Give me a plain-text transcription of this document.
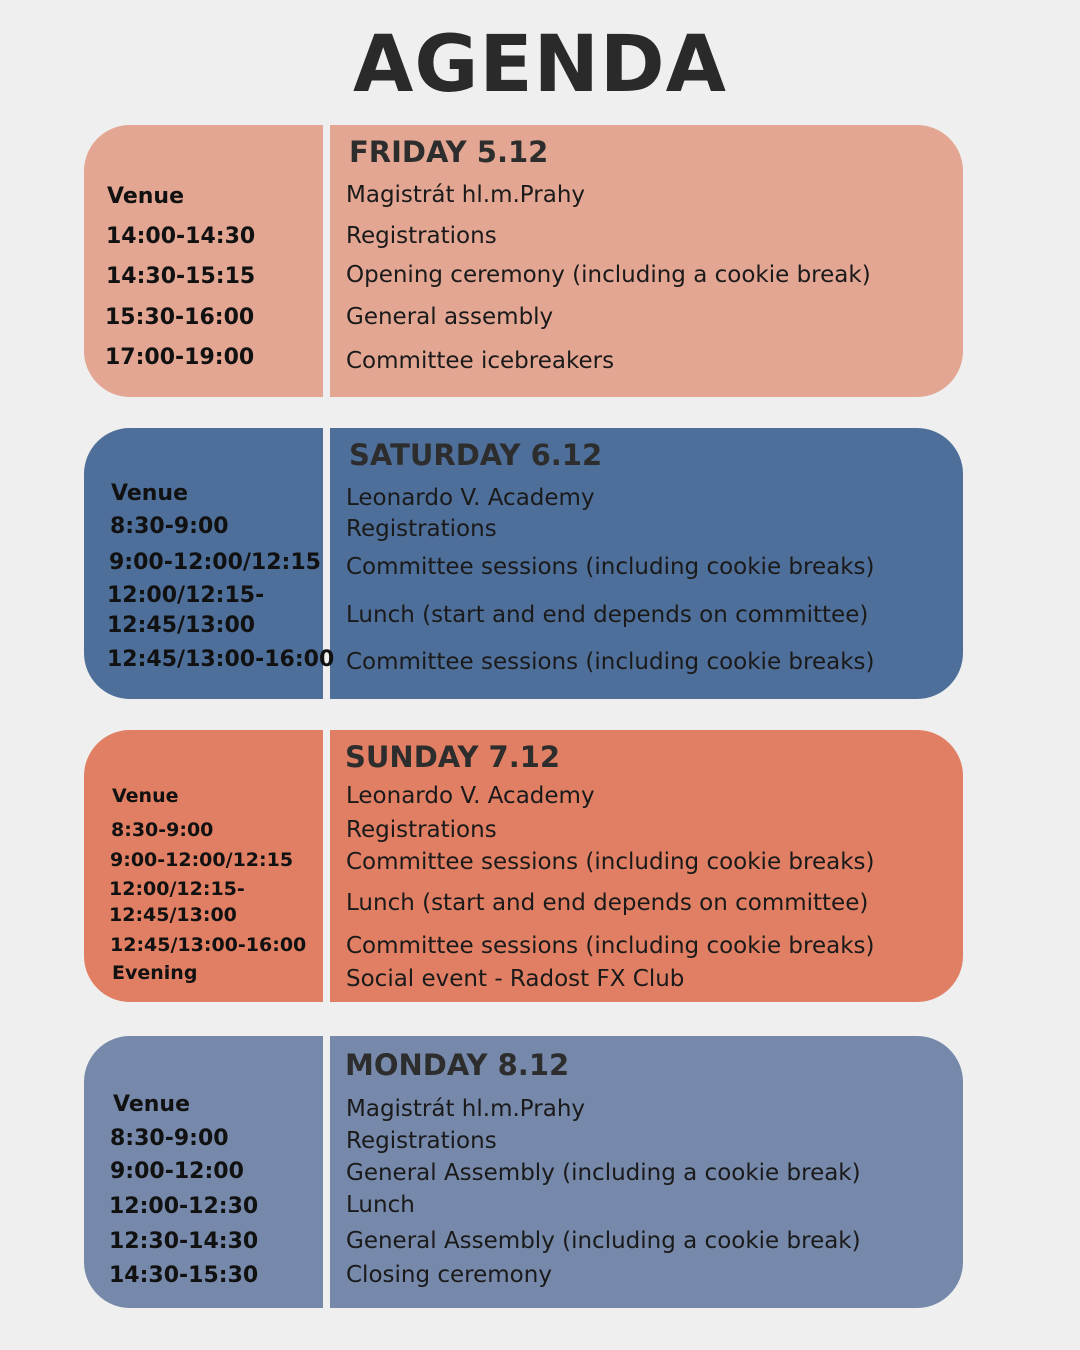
AGENDA
FRIDAY 5.12
Venue
14:00-14:30
14:30-15:15
15:30-16:00
17:00-19:00
Magistrát hl.m.Prahy
Registrations
Opening ceremony (including a cookie break)
General assembly
Committee icebreakers
SATURDAY 6.12
Venue
8:30-9:00
9:00-12:00/12:15
12:00/12:15-
12:45/13:00
12:45/13:00-16:00
Leonardo V. Academy
Registrations
Committee sessions (including cookie breaks)
Lunch (start and end depends on committee)
Committee sessions (including cookie breaks)
SUNDAY 7.12
Venue
8:30-9:00
9:00-12:00/12:15
12:00/12:15-
12:45/13:00
12:45/13:00-16:00
Evening
Leonardo V. Academy
Registrations
Committee sessions (including cookie breaks)
Lunch (start and end depends on committee)
Committee sessions (including cookie breaks)
Social event - Radost FX Club
MONDAY 8.12
Venue
8:30-9:00
9:00-12:00
12:00-12:30
12:30-14:30
14:30-15:30
Magistrát hl.m.Prahy
Registrations
General Assembly (including a cookie break)
Lunch
General Assembly (including a cookie break)
Closing ceremony
